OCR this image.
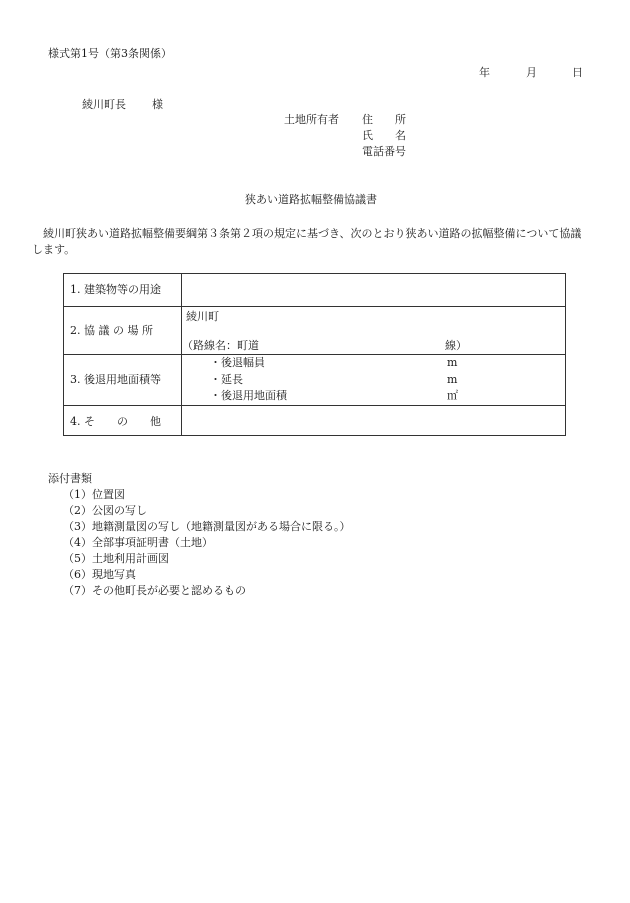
様式第1号（第3条関係）
年	月	日
綾川町長 様
土地所有者 住　　所
氏　　名
電話番号
狭あい道路拡幅整備協議書
綾川町狭あい道路拡幅整備要綱第３条第２項の規定に基づき、次のとおり狭あい道路の拡幅整備について協議します。
1. 建築物等の用途
2. 協 議 の 場 所
綾川町
（路線名：町道	線）
3. 後退用地面積等
・後退幅員	m
・延長	m
・後退用地面積	㎡
4. そ　　の　　他
添付書類
（1）位置図
（2）公図の写し
（3）地籍測量図の写し（地籍測量図がある場合に限る。）
（4）全部事項証明書（土地）
（5）土地利用計画図
（6）現地写真
（7）その他町長が必要と認めるもの
